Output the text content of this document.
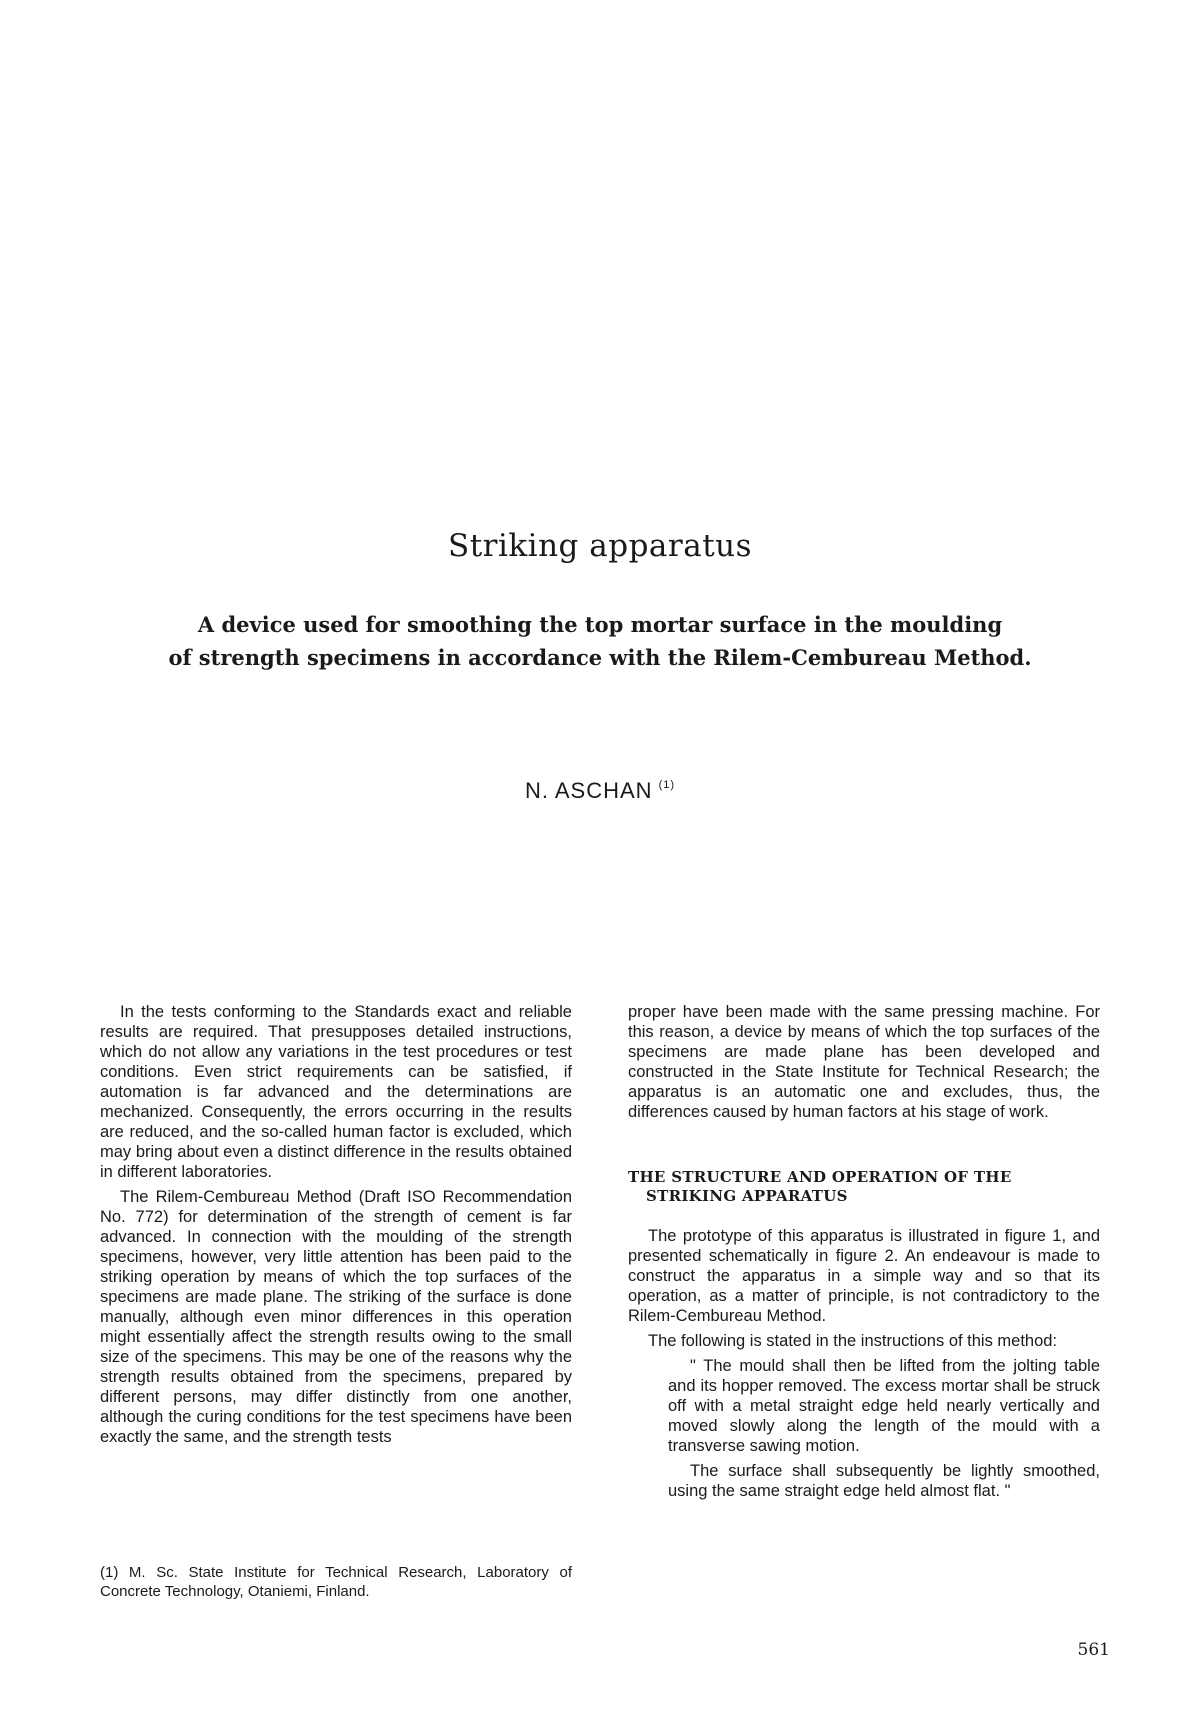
Striking apparatus
A device used for smoothing the top mortar surface in the moulding
of strength specimens in accordance with the Rilem-Cembureau Method.

N. ASCHAN $^{(1)}$

In the tests conforming to the Standards exact and reliable results are required. That presupposes detailed instructions, which do not allow any variations in the test procedures or test conditions. Even strict requirements can be satisfied, if automation is far advanced and the determinations are mechanized. Consequently, the errors occurring in the results are reduced, and the so-called human factor is excluded, which may bring about even a distinct difference in the results obtained in different laboratories.

The Rilem-Cembureau Method (Draft ISO Recommendation No. 772) for determination of the strength of cement is far advanced. In connection with the moulding of the strength specimens, however, very little attention has been paid to the striking operation by means of which the top surfaces of the specimens are made plane. The striking of the surface is done manually, although even minor differences in this operation might essentially affect the strength results owing to the small size of the specimens. This may be one of the reasons why the strength results obtained from the specimens, prepared by different persons, may differ distinctly from one another, although the curing conditions for the test specimens have been exactly the same, and the strength tests

proper have been made with the same pressing machine. For this reason, a device by means of which the top surfaces of the specimens are made plane has been developed and constructed in the State Institute for Technical Research; the apparatus is an automatic one and excludes, thus, the differences caused by human factors at his stage of work.

THE STRUCTURE AND OPERATION OF THE STRIKING APPARATUS

The prototype of this apparatus is illustrated in figure 1, and presented schematically in figure 2. An endeavour is made to construct the apparatus in a simple way and so that its operation, as a matter of principle, is not contradictory to the Rilem-Cembureau Method.

The following is stated in the instructions of this method:

" The mould shall then be lifted from the jolting table and its hopper removed. The excess mortar shall be struck off with a metal straight edge held nearly vertically and moved slowly along the length of the mould with a transverse sawing motion.

The surface shall subsequently be lightly smoothed, using the same straight edge held almost flat. "

(1) M. Sc. State Institute for Technical Research, Laboratory of Concrete Technology, Otaniemi, Finland.

561
